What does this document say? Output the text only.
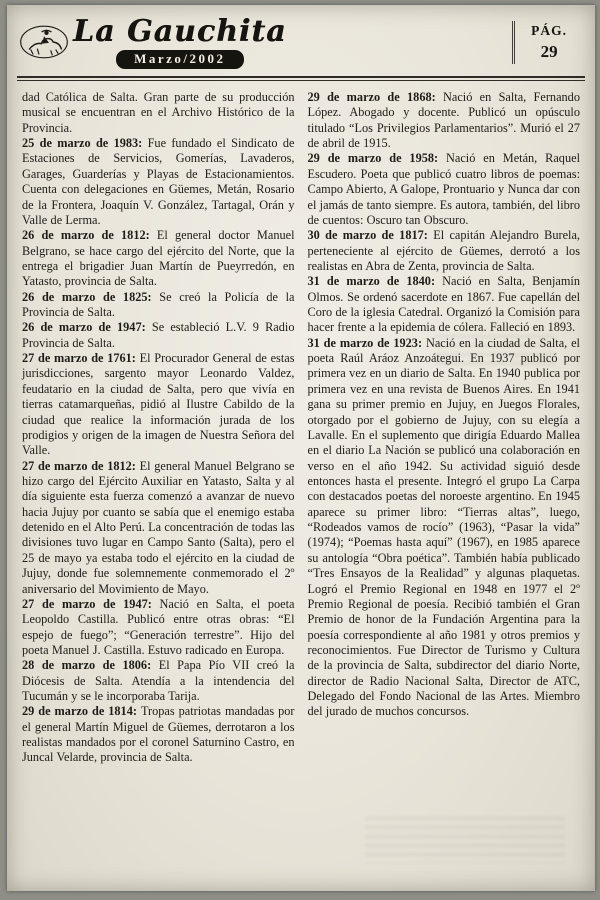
La Gauchita
Marzo/2002
PÁG.
29

dad Católica de Salta. Gran parte de su producción musical se encuentran en el Archivo Histórico de la Provincia.

25 de marzo de 1983: Fue fundado el Sindicato de Estaciones de Servicios, Gomerías, Lavaderos, Garages, Guarderías y Playas de Estacionamientos. Cuenta con delegaciones en Güemes, Metán, Rosario de la Frontera, Joaquín V. González, Tartagal, Orán y Valle de Lerma.

26 de marzo de 1812: El general doctor Manuel Belgrano, se hace cargo del ejército del Norte, que la entrega el brigadier Juan Martín de Pueyrredón, en Yatasto, provincia de Salta.

26 de marzo de 1825: Se creó la Policía de la Provincia de Salta.

26 de marzo de 1947: Se estableció L.V. 9 Radio Provincia de Salta.

27 de marzo de 1761: El Procurador General de estas jurisdicciones, sargento mayor Leonardo Valdez, feudatario en la ciudad de Salta, pero que vivía en tierras catamarqueñas, pidió al Ilustre Cabildo de la ciudad que realice la información jurada de los prodigios y origen de la imagen de Nuestra Señora del Valle.

27 de marzo de 1812: El general Manuel Belgrano se hizo cargo del Ejército Auxiliar en Yatasto, Salta y al día siguiente esta fuerza comenzó a avanzar de nuevo hacia Jujuy por cuanto se sabía que el enemigo estaba detenido en el Alto Perú. La concentración de todas las divisiones tuvo lugar en Campo Santo (Salta), pero el 25 de mayo ya estaba todo el ejército en la ciudad de Jujuy, donde fue solemnemente conmemorado el 2º aniversario del Movimiento de Mayo.

27 de marzo de 1947: Nació en Salta, el poeta Leopoldo Castilla. Publicó entre otras obras: “El espejo de fuego”; “Generación terrestre”. Hijo del poeta Manuel J. Castilla. Estuvo radicado en Europa.

28 de marzo de 1806: El Papa Pío VII creó la Diócesis de Salta. Atendía a la intendencia del Tucumán y se le incorporaba Tarija.

29 de marzo de 1814: Tropas patriotas mandadas por el general Martín Miguel de Güemes, derrotaron a los realistas mandados por el coronel Saturnino Castro, en Juncal Velarde, provincia de Salta.

29 de marzo de 1868: Nació en Salta, Fernando López. Abogado y docente. Publicó un opúsculo titulado “Los Privilegios Parlamentarios”. Murió el 27 de abril de 1915.

29 de marzo de 1958: Nació en Metán, Raquel Escudero. Poeta que publicó cuatro libros de poemas: Campo Abierto, A Galope, Prontuario y Nunca dar con el jamás de tanto siempre. Es autora, también, del libro de cuentos: Oscuro tan Obscuro.

30 de marzo de 1817: El capitán Alejandro Burela, perteneciente al ejército de Güemes, derrotó a los realistas en Abra de Zenta, provincia de Salta.

31 de marzo de 1840: Nació en Salta, Benjamín Olmos. Se ordenó sacerdote en 1867. Fue capellán del Coro de la iglesia Catedral. Organizó la Comisión para hacer frente a la epidemia de cólera. Falleció en 1893.

31 de marzo de 1923: Nació en la ciudad de Salta, el poeta Raúl Aráoz Anzoátegui. En 1937 publicó por primera vez en un diario de Salta. En 1940 publica por primera vez en una revista de Buenos Aires. En 1941 gana su primer premio en Jujuy, en Juegos Florales, otorgado por el gobierno de Jujuy, con su elegía a Lavalle. En el suplemento que dirigía Eduardo Mallea en el diario La Nación se publicó una colaboración en verso en el año 1942. Su actividad siguió desde entonces hasta el presente. Integró el grupo La Carpa con destacados poetas del noroeste argentino. En 1945 aparece su primer libro: “Tierras altas”, luego, “Rodeados vamos de rocío” (1963), “Pasar la vida” (1974); “Poemas hasta aquí” (1967), en 1985 aparece su antología “Obra poética”. También había publicado “Tres Ensayos de la Realidad” y algunas plaquetas. Logró el Premio Regional en 1948 en 1977 el 2º Premio Regional de poesía. Recibió también el Gran Premio de honor de la Fundación Argentina para la poesía correspondiente al año 1981 y otros premios y reconocimientos. Fue Director de Turismo y Cultura de la provincia de Salta, subdirector del diario Norte, director de Radio Nacional Salta, Director de ATC, Delegado del Fondo Nacional de las Artes. Miembro del jurado de muchos concursos.
